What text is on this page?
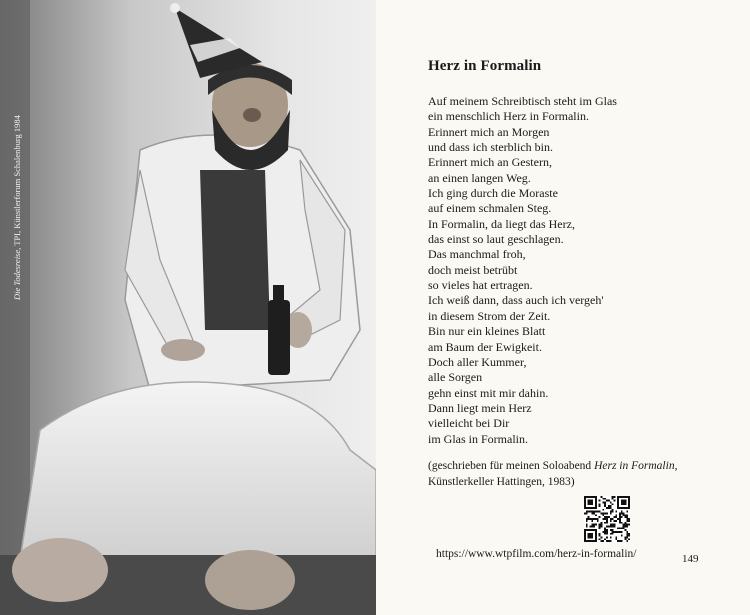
Die Todesreise, TPI, Künstlerforum Schalenburg 1984
Herz in Formalin
Auf meinem Schreibtisch steht im Glas
ein menschlich Herz in Formalin.
Erinnert mich an Morgen
und dass ich sterblich bin.
Erinnert mich an Gestern,
an einen langen Weg.
Ich ging durch die Moraste
auf einem schmalen Steg.
In Formalin, da liegt das Herz,
das einst so laut geschlagen.
Das manchmal froh,
doch meist betrübt
so vieles hat ertragen.
Ich weiß dann, dass auch ich vergeh'
in diesem Strom der Zeit.
Bin nur ein kleines Blatt
am Baum der Ewigkeit.
Doch aller Kummer,
alle Sorgen
gehn einst mit mir dahin.
Dann liegt mein Herz
vielleicht bei Dir
im Glas in Formalin.
(geschrieben für meinen Soloabend Herz in Formalin,
Künstlerkeller Hattingen, 1983)
https://www.wtpfilm.com/herz-in-formalin/	149
